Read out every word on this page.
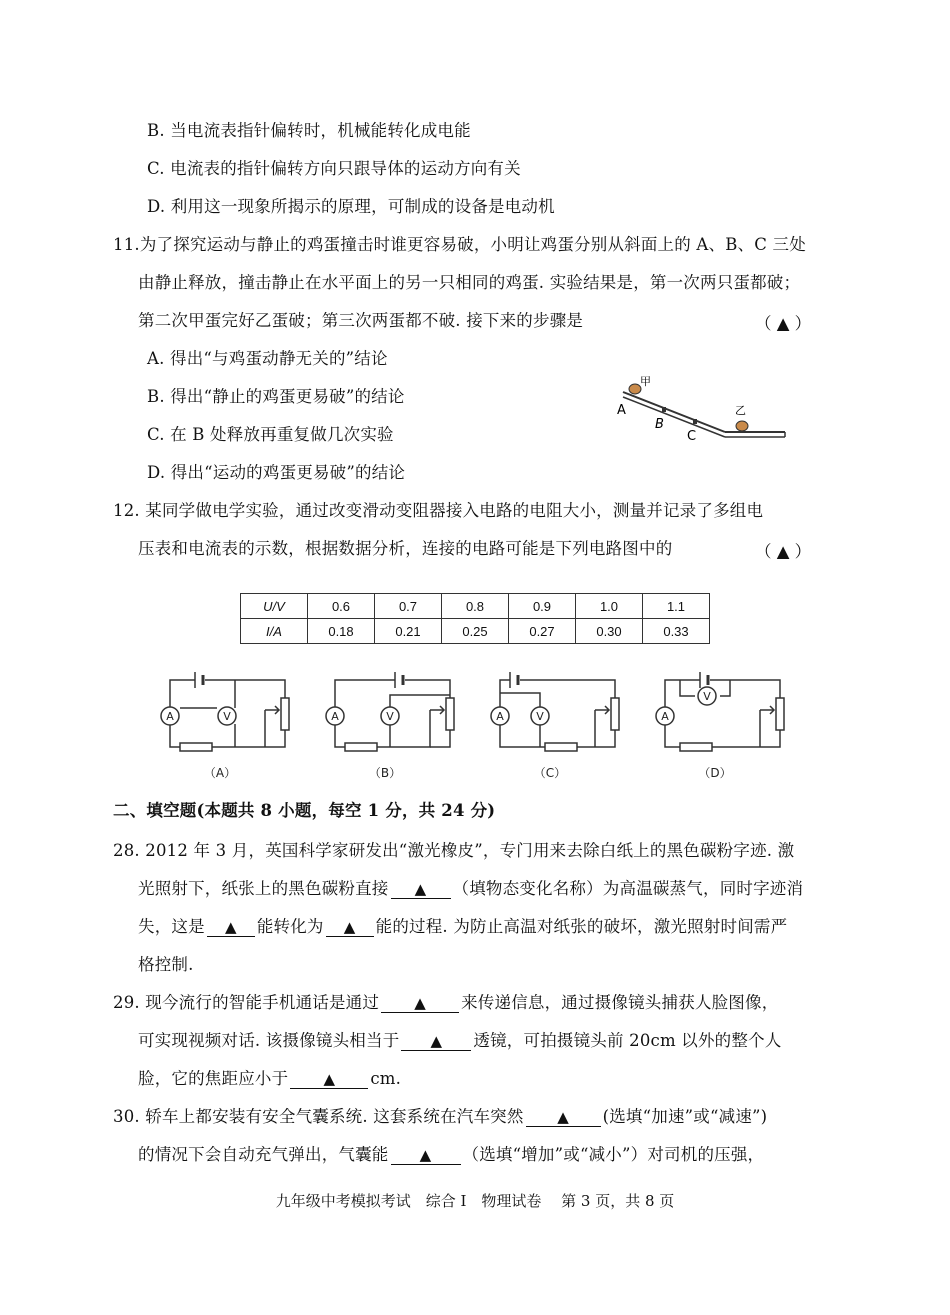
B. 当电流表指针偏转时，机械能转化成电能
C. 电流表的指针偏转方向只跟导体的运动方向有关
D. 利用这一现象所揭示的原理，可制成的设备是电动机
11.为了探究运动与静止的鸡蛋撞击时谁更容易破，小明让鸡蛋分别从斜面上的 A、B、C 三处
由静止释放，撞击静止在水平面上的另一只相同的鸡蛋. 实验结果是，第一次两只蛋都破；
第二次甲蛋完好乙蛋破；第三次两蛋都不破. 接下来的步骤是	（ ▲ ）
A. 得出“与鸡蛋动静无关的”结论
B. 得出“静止的鸡蛋更易破”的结论
C. 在 B 处释放再重复做几次实验
D. 得出“运动的鸡蛋更易破”的结论
甲
乙
A
B
C
12. 某同学做电学实验，通过改变滑动变阻器接入电路的电阻大小，测量并记录了多组电
压表和电流表的示数，根据数据分析，连接的电路可能是下列电路图中的	（ ▲ ）
U/V	0.6	0.7	0.8	0.9	1.0	1.1
I/A	0.18	0.21	0.25	0.27	0.30	0.33
A	V	A	V	A	V	A
V
（A）	（B）	（C）	（D）
二、填空题(本题共 8 小题，每空 1 分，共 24 分)
28. 2012 年 3 月，英国科学家研发出“激光橡皮”，专门用来去除白纸上的黑色碳粉字迹. 激
光照射下，纸张上的黑色碳粉直接 ▲ （填物态变化名称）为高温碳蒸气，同时字迹消
失，这是 ▲ 能转化为 ▲ 能的过程. 为防止高温对纸张的破坏，激光照射时间需严
格控制.
29. 现今流行的智能手机通话是通过 ▲ 来传递信息，通过摄像镜头捕获人脸图像，
可实现视频对话. 该摄像镜头相当于 ▲ 透镜，可拍摄镜头前 20cm 以外的整个人
脸，它的焦距应小于 ▲ cm.
30. 轿车上都安装有安全气囊系统. 这套系统在汽车突然 ▲ (选填“加速”或“减速”)
的情况下会自动充气弹出，气囊能 ▲ （选填“增加”或“减小”）对司机的压强，
九年级中考模拟考试　综合 I　物理试卷　 第 3 页，共 8 页
